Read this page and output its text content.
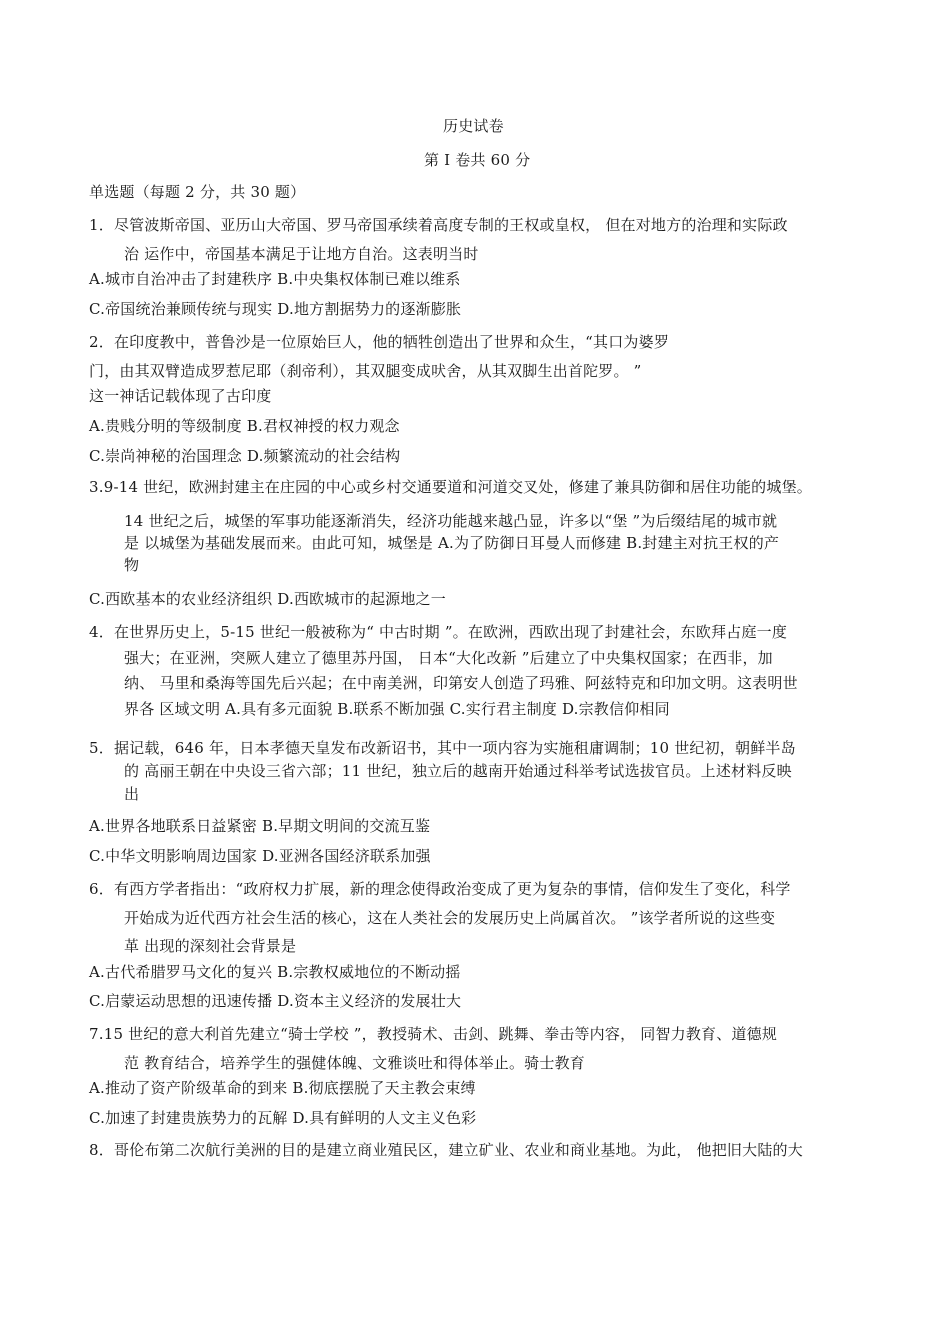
历史试卷
第 I 卷共 60 分
单选题（每题 2 分，共 30 题）
1．尽管波斯帝国、亚历山大帝国、罗马帝国承续着高度专制的王权或皇权， 但在对地方的治理和实际政
治 运作中，帝国基本满足于让地方自治。这表明当时
A.城市自治冲击了封建秩序 B.中央集权体制已难以维系
C.帝国统治兼顾传统与现实 D.地方割据势力的逐渐膨胀
2．在印度教中，普鲁沙是一位原始巨人，他的牺牲创造出了世界和众生，“其口为婆罗
门，由其双臂造成罗惹尼耶（刹帝利），其双腿变成吠舍，从其双脚生出首陀罗。 ”
这一神话记载体现了古印度
A.贵贱分明的等级制度 B.君权神授的权力观念
C.崇尚神秘的治国理念 D.频繁流动的社会结构
3.9-14 世纪，欧洲封建主在庄园的中心或乡村交通要道和河道交叉处，修建了兼具防御和居住功能的城堡。
14 世纪之后，城堡的军事功能逐渐消失，经济功能越来越凸显，许多以“堡 ”为后缀结尾的城市就
是 以城堡为基础发展而来。由此可知，城堡是 A.为了防御日耳曼人而修建 B.封建主对抗王权的产
物
C.西欧基本的农业经济组织 D.西欧城市的起源地之一
4．在世界历史上，5-15 世纪一般被称为“ 中古时期 ”。在欧洲，西欧出现了封建社会，东欧拜占庭一度
强大；在亚洲，突厥人建立了德里苏丹国， 日本“大化改新 ”后建立了中央集权国家；在西非，加
纳、 马里和桑海等国先后兴起；在中南美洲，印第安人创造了玛雅、阿兹特克和印加文明。这表明世
界各 区域文明 A.具有多元面貌 B.联系不断加强 C.实行君主制度 D.宗教信仰相同
5．据记载，646 年，日本孝德天皇发布改新诏书，其中一项内容为实施租庸调制；10 世纪初，朝鲜半岛
的 高丽王朝在中央设三省六部；11 世纪，独立后的越南开始通过科举考试选拔官员。上述材料反映
出
A.世界各地联系日益紧密 B.早期文明间的交流互鉴
C.中华文明影响周边国家 D.亚洲各国经济联系加强
6．有西方学者指出：“政府权力扩展，新的理念使得政治变成了更为复杂的事情，信仰发生了变化，科学
开始成为近代西方社会生活的核心，这在人类社会的发展历史上尚属首次。 ”该学者所说的这些变
革 出现的深刻社会背景是
A.古代希腊罗马文化的复兴 B.宗教权威地位的不断动摇
C.启蒙运动思想的迅速传播 D.资本主义经济的发展壮大
7.15 世纪的意大利首先建立“骑士学校 ”，教授骑术、击剑、跳舞、拳击等内容， 同智力教育、道德规
范 教育结合，培养学生的强健体魄、文雅谈吐和得体举止。骑士教育
A.推动了资产阶级革命的到来 B.彻底摆脱了天主教会束缚
C.加速了封建贵族势力的瓦解 D.具有鲜明的人文主义色彩
8．哥伦布第二次航行美洲的目的是建立商业殖民区，建立矿业、农业和商业基地。为此， 他把旧大陆的大
